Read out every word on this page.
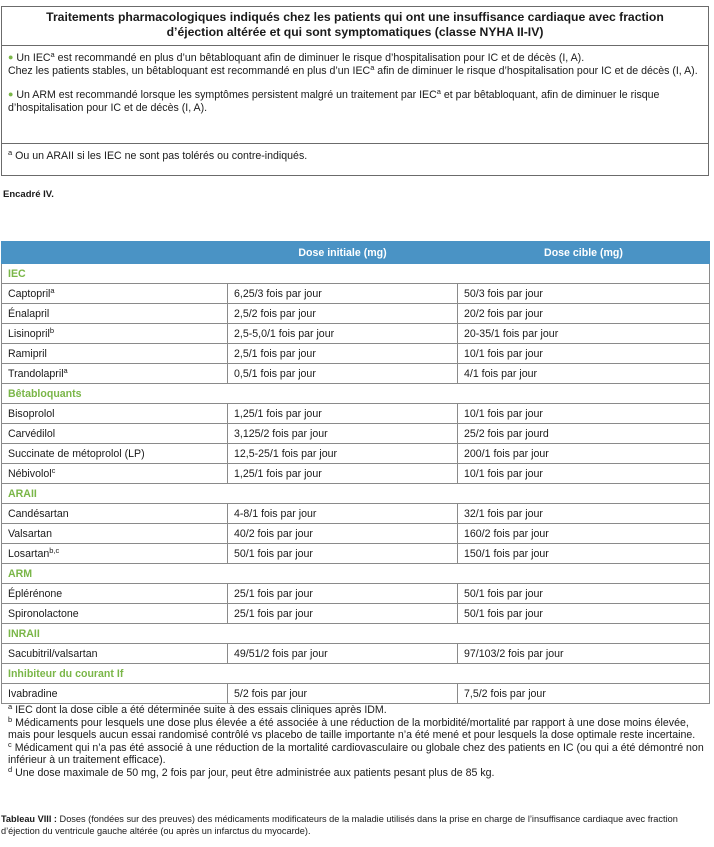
Traitements pharmacologiques indiqués chez les patients qui ont une insuffisance cardiaque avec fraction d’éjection altérée et qui sont symptomatiques (classe NYHA II-IV)

● Un IEC$^a$ est recommandé en plus d’un bêtabloquant afin de diminuer le risque d’hospitalisation pour IC et de décès (I, A).

Chez les patients stables, un bêtabloquant est recommandé en plus d’un IEC$^a$ afin de diminuer le risque d’hospitalisation pour IC et de décès (I, A).

● Un ARM est recommandé lorsque les symptômes persistent malgré un traitement par IEC$^a$ et par bêtabloquant, afin de diminuer le risque d’hospitalisation pour IC et de décès (I, A).

$^a$ Ou un ARAII si les IEC ne sont pas tolérés ou contre-indiqués.
Encadré IV.
	Dose initiale (mg)	Dose cible (mg)
IEC		
Captopril$^a$	6,25/3 fois par jour	50/3 fois par jour
Énalapril	2,5/2 fois par jour	20/2 fois par jour
Lisinopril$^b$	2,5-5,0/1 fois par jour	20-35/1 fois par jour
Ramipril	2,5/1 fois par jour	10/1 fois par jour
Trandolapril$^a$	0,5/1 fois par jour	4/1 fois par jour
Bêtabloquants		
Bisoprolol	1,25/1 fois par jour	10/1 fois par jour
Carvédilol	3,125/2 fois par jour	25/2 fois par jourd
Succinate de métoprolol (LP)	12,5-25/1 fois par jour	200/1 fois par jour
Nébivolol$^c$	1,25/1 fois par jour	10/1 fois par jour
ARAII		
Candésartan	4-8/1 fois par jour	32/1 fois par jour
Valsartan	40/2 fois par jour	160/2 fois par jour
Losartan$^{b,c}$	50/1 fois par jour	150/1 fois par jour
ARM		
Éplérénone	25/1 fois par jour	50/1 fois par jour
Spironolactone	25/1 fois par jour	50/1 fois par jour
INRAII		
Sacubitril/valsartan	49/51/2 fois par jour	97/103/2 fois par jour
Inhibiteur du courant If		
Ivabradine	5/2 fois par jour	7,5/2 fois par jour

$^a$ IEC dont la dose cible a été déterminée suite à des essais cliniques après IDM.

$^b$ Médicaments pour lesquels une dose plus élevée a été associée à une réduction de la morbidité/mortalité par rapport à une dose moins élevée, mais pour lesquels aucun essai randomisé contrôlé vs placebo de taille importante n’a été mené et pour lesquels la dose optimale reste incertaine.

$^c$ Médicament qui n’a pas été associé à une réduction de la mortalité cardiovasculaire ou globale chez des patients en IC (ou qui a été démontré non inférieur à un traitement efficace).

$^d$ Une dose maximale de 50 mg, 2 fois par jour, peut être administrée aux patients pesant plus de 85 kg.

Tableau VIII : Doses (fondées sur des preuves) des médicaments modificateurs de la maladie utilisés dans la prise en charge de l’insuffisance cardiaque avec fraction d’éjection du ventricule gauche altérée (ou après un infarctus du myocarde).
